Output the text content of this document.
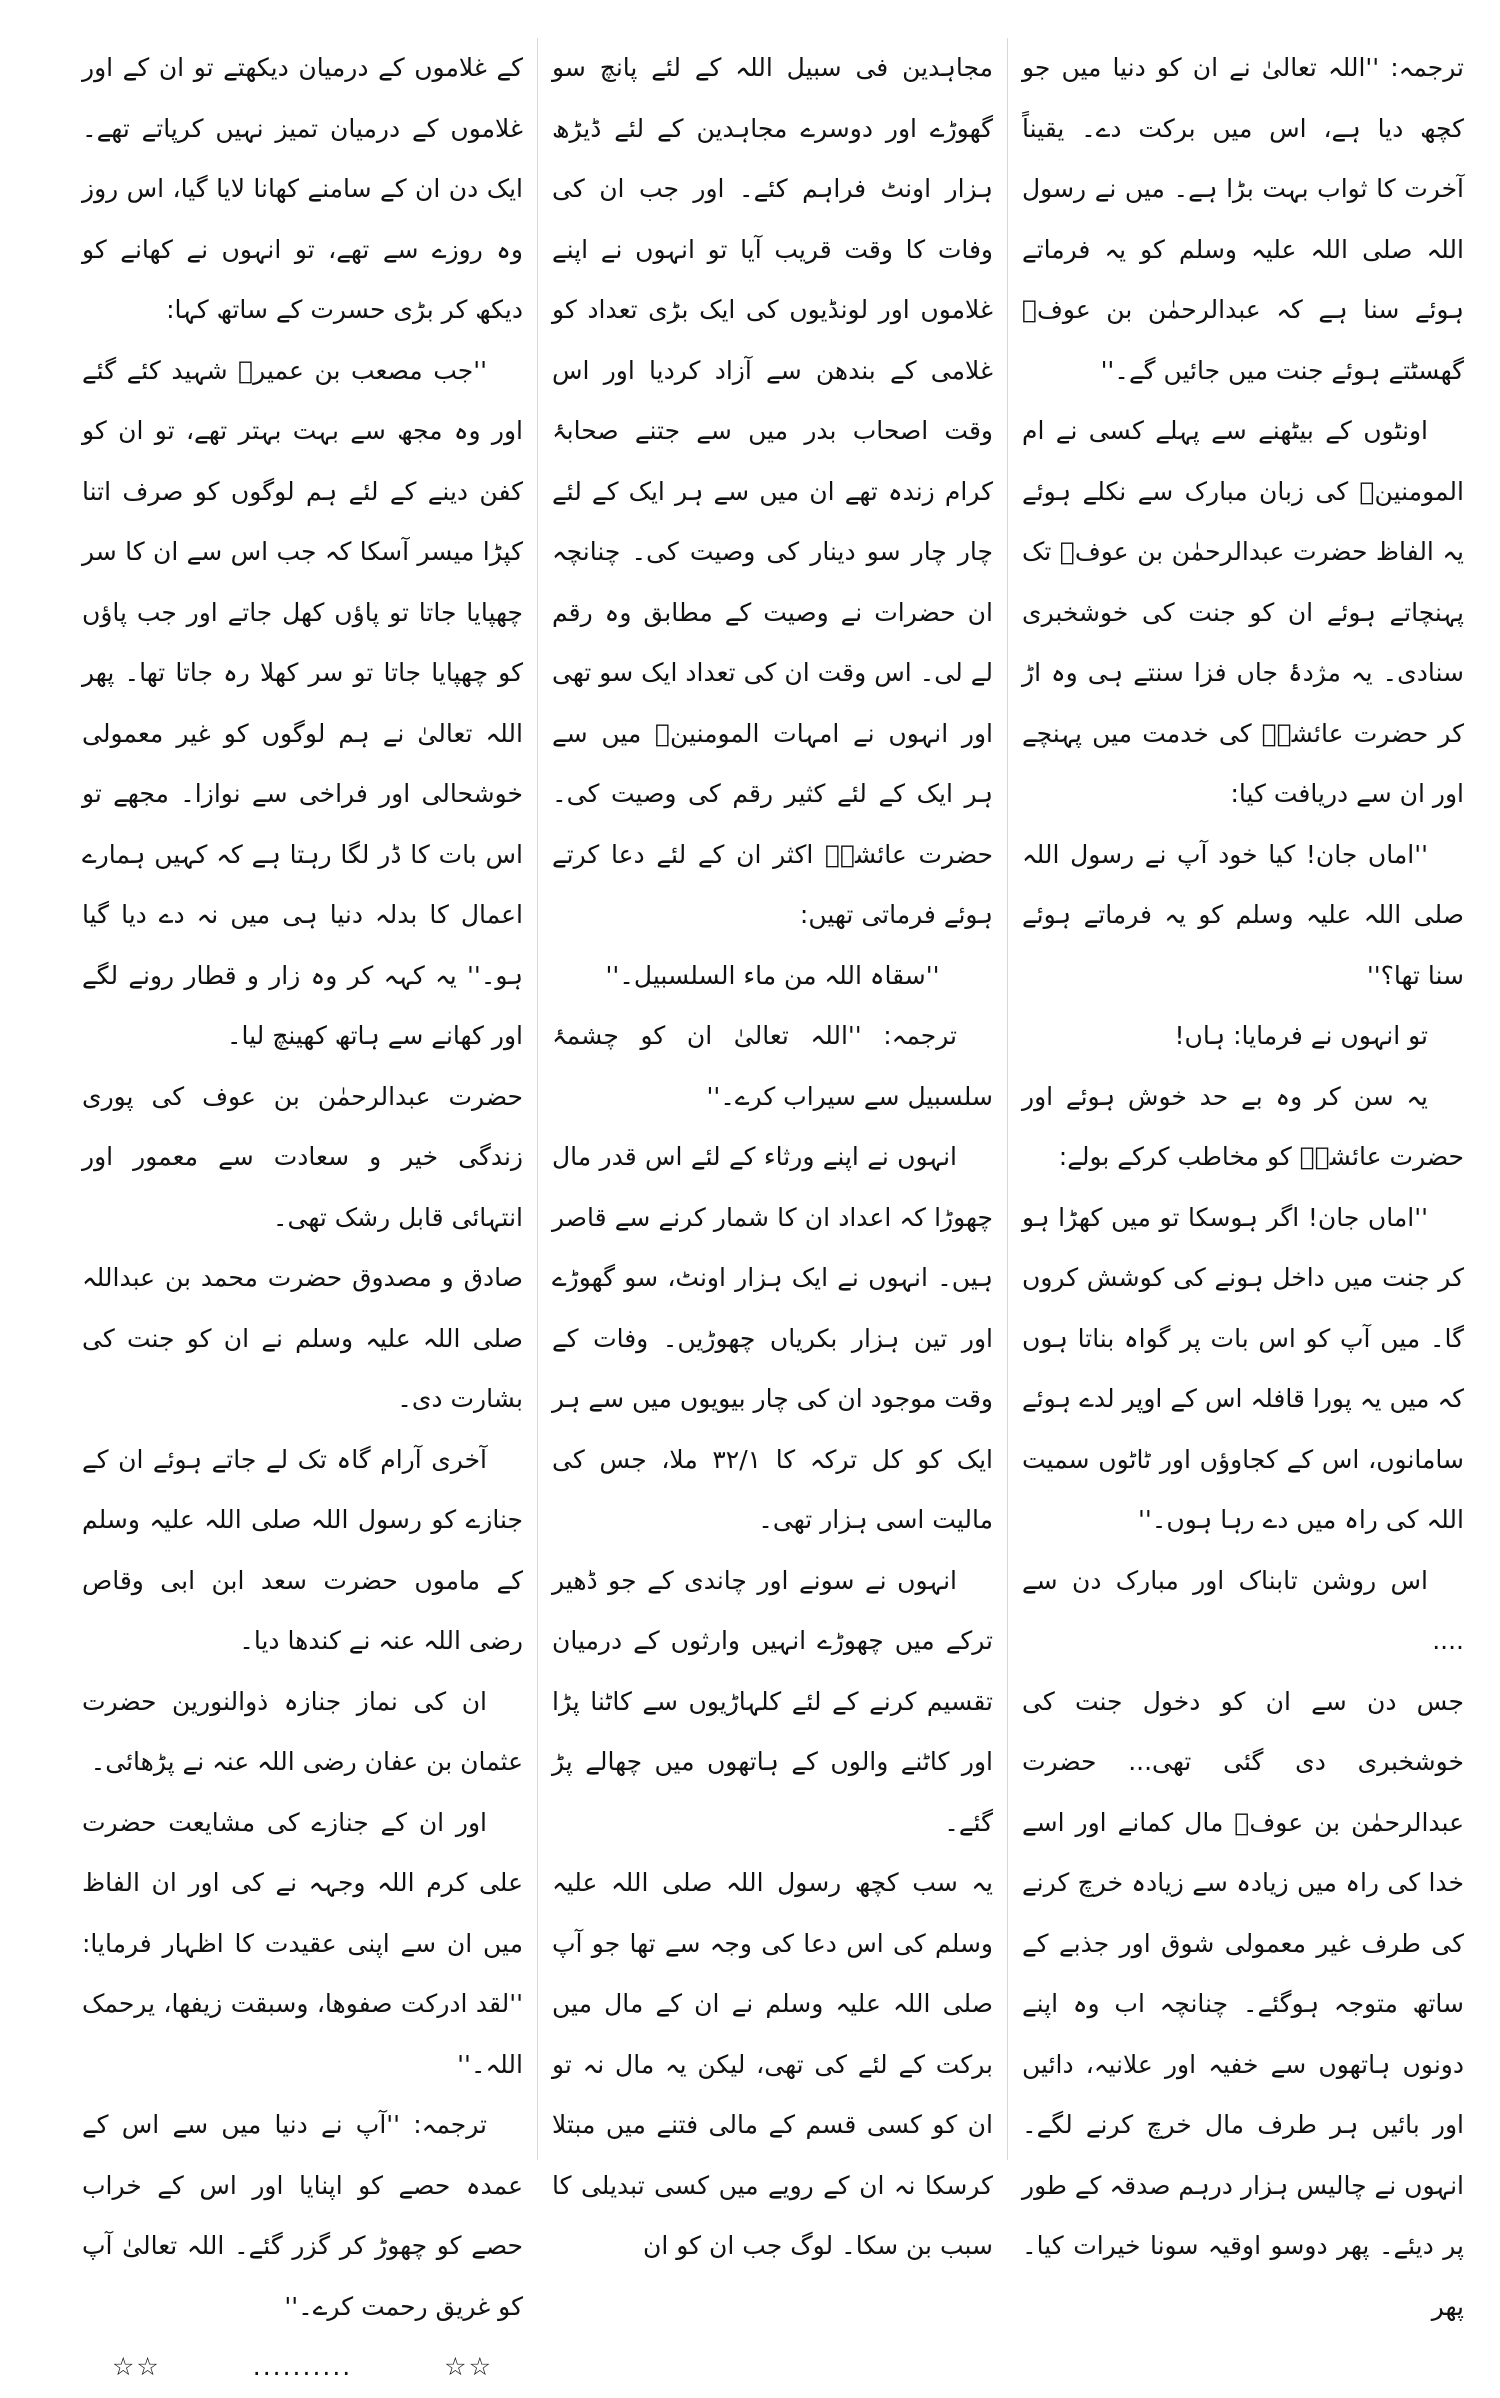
ترجمہ: ''اللہ تعالیٰ نے ان کو دنیا میں جو کچھ دیا ہے، اس میں برکت دے۔ یقیناً آخرت کا ثواب بہت بڑا ہے۔ میں نے رسول اللہ صلی اللہ علیہ وسلم کو یہ فرماتے ہوئے سنا ہے کہ عبدالرحمٰن بن عوفؓ گھسٹتے ہوئے جنت میں جائیں گے۔''

اونٹوں کے بیٹھنے سے پہلے کسی نے ام المومنینؓ کی زبان مبارک سے نکلے ہوئے یہ الفاظ حضرت عبدالرحمٰن بن عوفؓ تک پہنچاتے ہوئے ان کو جنت کی خوشخبری سنادی۔ یہ مژدۂ جاں فزا سنتے ہی وہ اڑ کر حضرت عائشہؓ کی خدمت میں پہنچے اور ان سے دریافت کیا:

''اماں جان! کیا خود آپ نے رسول اللہ صلی اللہ علیہ وسلم کو یہ فرماتے ہوئے سنا تھا؟''

تو انہوں نے فرمایا: ہاں!

یہ سن کر وہ بے حد خوش ہوئے اور حضرت عائشہؓ کو مخاطب کرکے بولے:

''اماں جان! اگر ہوسکا تو میں کھڑا ہو کر جنت میں داخل ہونے کی کوشش کروں گا۔ میں آپ کو اس بات پر گواہ بناتا ہوں کہ میں یہ پورا قافلہ اس کے اوپر لدے ہوئے سامانوں، اس کے کجاوؤں اور ٹاٹوں سمیت اللہ کی راہ میں دے رہا ہوں۔''

اس روشن تابناک اور مبارک دن سے ....

جس دن سے ان کو دخول جنت کی خوشخبری دی گئی تھی... حضرت عبدالرحمٰن بن عوفؓ مال کمانے اور اسے خدا کی راہ میں زیادہ سے زیادہ خرچ کرنے کی طرف غیر معمولی شوق اور جذبے کے ساتھ متوجہ ہوگئے۔ چنانچہ اب وہ اپنے دونوں ہاتھوں سے خفیہ اور علانیہ، دائیں اور بائیں ہر طرف مال خرچ کرنے لگے۔ انہوں نے چالیس ہزار درہم صدقہ کے طور پر دیئے۔ پھر دوسو اوقیہ سونا خیرات کیا۔ پھر

مجاہدین فی سبیل اللہ کے لئے پانچ سو گھوڑے اور دوسرے مجاہدین کے لئے ڈیڑھ ہزار اونٹ فراہم کئے۔ اور جب ان کی وفات کا وقت قریب آیا تو انہوں نے اپنے غلاموں اور لونڈیوں کی ایک بڑی تعداد کو غلامی کے بندھن سے آزاد کردیا اور اس وقت اصحاب بدر میں سے جتنے صحابۂ کرام زندہ تھے ان میں سے ہر ایک کے لئے چار چار سو دینار کی وصیت کی۔ چنانچہ ان حضرات نے وصیت کے مطابق وہ رقم لے لی۔ اس وقت ان کی تعداد ایک سو تھی اور انہوں نے امہات المومنینؓ میں سے ہر ایک کے لئے کثیر رقم کی وصیت کی۔ حضرت عائشہؓ اکثر ان کے لئے دعا کرتے ہوئے فرماتی تھیں:

''سقاہ اللہ من ماء السلسبیل۔''

ترجمہ: ''اللہ تعالیٰ ان کو چشمۂ سلسبیل سے سیراب کرے۔''

انہوں نے اپنے ورثاء کے لئے اس قدر مال چھوڑا کہ اعداد ان کا شمار کرنے سے قاصر ہیں۔ انہوں نے ایک ہزار اونٹ، سو گھوڑے اور تین ہزار بکریاں چھوڑیں۔ وفات کے وقت موجود ان کی چار بیویوں میں سے ہر ایک کو کل ترکہ کا ۳۲/۱ ملا، جس کی مالیت اسی ہزار تھی۔

انہوں نے سونے اور چاندی کے جو ڈھیر ترکے میں چھوڑے انہیں وارثوں کے درمیان تقسیم کرنے کے لئے کلہاڑیوں سے کاٹنا پڑا اور کاٹنے والوں کے ہاتھوں میں چھالے پڑ گئے۔

یہ سب کچھ رسول اللہ صلی اللہ علیہ وسلم کی اس دعا کی وجہ سے تھا جو آپ صلی اللہ علیہ وسلم نے ان کے مال میں برکت کے لئے کی تھی، لیکن یہ مال نہ تو ان کو کسی قسم کے مالی فتنے میں مبتلا کرسکا نہ ان کے رویے میں کسی تبدیلی کا سبب بن سکا۔ لوگ جب ان کو ان

کے غلاموں کے درمیان دیکھتے تو ان کے اور غلاموں کے درمیان تمیز نہیں کرپاتے تھے۔ ایک دن ان کے سامنے کھانا لایا گیا، اس روز وہ روزے سے تھے، تو انہوں نے کھانے کو دیکھ کر بڑی حسرت کے ساتھ کہا:

''جب مصعب بن عمیرؓ شہید کئے گئے اور وہ مجھ سے بہت بہتر تھے، تو ان کو کفن دینے کے لئے ہم لوگوں کو صرف اتنا کپڑا میسر آسکا کہ جب اس سے ان کا سر چھپایا جاتا تو پاؤں کھل جاتے اور جب پاؤں کو چھپایا جاتا تو سر کھلا رہ جاتا تھا۔ پھر اللہ تعالیٰ نے ہم لوگوں کو غیر معمولی خوشحالی اور فراخی سے نوازا۔ مجھے تو اس بات کا ڈر لگا رہتا ہے کہ کہیں ہمارے اعمال کا بدلہ دنیا ہی میں نہ دے دیا گیا ہو۔'' یہ کہہ کر وہ زار و قطار رونے لگے اور کھانے سے ہاتھ کھینچ لیا۔

حضرت عبدالرحمٰن بن عوف کی پوری زندگی خیر و سعادت سے معمور اور انتہائی قابل رشک تھی۔

صادق و مصدوق حضرت محمد بن عبداللہ صلی اللہ علیہ وسلم نے ان کو جنت کی بشارت دی۔

آخری آرام گاہ تک لے جاتے ہوئے ان کے جنازے کو رسول اللہ صلی اللہ علیہ وسلم کے ماموں حضرت سعد ابن ابی وقاص رضی اللہ عنہ نے کندھا دیا۔

ان کی نماز جنازہ ذوالنورین حضرت عثمان بن عفان رضی اللہ عنہ نے پڑھائی۔

اور ان کے جنازے کی مشایعت حضرت علی کرم اللہ وجہہ نے کی اور ان الفاظ میں ان سے اپنی عقیدت کا اظہار فرمایا: ''لقد ادرکت صفوھا، وسبقت زیفھا، یرحمک اللہ۔''

ترجمہ: ''آپ نے دنیا میں سے اس کے عمدہ حصے کو اپنایا اور اس کے خراب حصے کو چھوڑ کر گزر گئے۔ اللہ تعالیٰ آپ کو غریق رحمت کرے۔''

☆☆	..........	☆☆
